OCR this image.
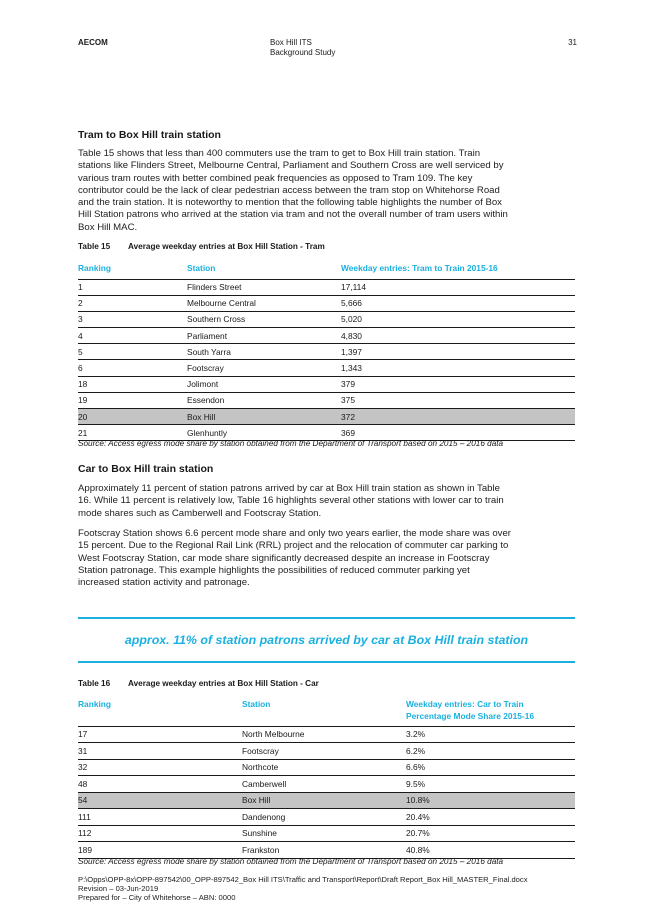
AECOM	Box Hill ITS
Background Study
31
Tram to Box Hill train station

Table 15 shows that less than 400 commuters use the tram to get to Box Hill train station. Train
stations like Flinders Street, Melbourne Central, Parliament and Southern Cross are well serviced by
various tram routes with better combined peak frequencies as opposed to Tram 109. The key
contributor could be the lack of clear pedestrian access between the tram stop on Whitehorse Road
and the train station. It is noteworthy to mention that the following table highlights the number of Box
Hill Station patrons who arrived at the station via tram and not the overall number of tram users within
Box Hill MAC.

Table 15 Average weekday entries at Box Hill Station - Tram
Ranking	Station	Weekday entries: Tram to Train 2015-16
1	Flinders Street	17,114
2	Melbourne Central	5,666
3	Southern Cross	5,020
4	Parliament	4,830
5	South Yarra	1,397
6	Footscray	1,343
18	Jolimont	379
19	Essendon	375
20	Box Hill	372
21	Glenhuntly	369
Source: Access egress mode share by station obtained from the Department of Transport based on 2015 – 2016 data
Car to Box Hill train station

Approximately 11 percent of station patrons arrived by car at Box Hill train station as shown in Table
16. While 11 percent is relatively low, Table 16 highlights several other stations with lower car to train
mode shares such as Camberwell and Footscray Station.

Footscray Station shows 6.6 percent mode share and only two years earlier, the mode share was over
15 percent. Due to the Regional Rail Link (RRL) project and the relocation of commuter car parking to
West Footscray Station, car mode share significantly decreased despite an increase in Footscray
Station patronage. This example highlights the possibilities of reduced commuter parking yet
increased station activity and patronage.

approx. 11% of station patrons arrived by car at Box Hill train station
Table 16 Average weekday entries at Box Hill Station - Car
Ranking	Station	Weekday entries: Car to Train
Percentage Mode Share 2015-16
17	North Melbourne	3.2%
31	Footscray	6.2%
32	Northcote	6.6%
48	Camberwell	9.5%
54	Box Hill	10.8%
111	Dandenong	20.4%
112	Sunshine	20.7%
189	Frankston	40.8%
Source: Access egress mode share by station obtained from the Department of Transport based on 2015 – 2016 data
P:\Opps\OPP-8x\OPP-897542\00_OPP-897542_Box Hill ITS\Traffic and Transport\Report\Draft Report_Box Hill_MASTER_Final.docx
Revision – 03-Jun-2019
Prepared for – City of Whitehorse – ABN: 0000
